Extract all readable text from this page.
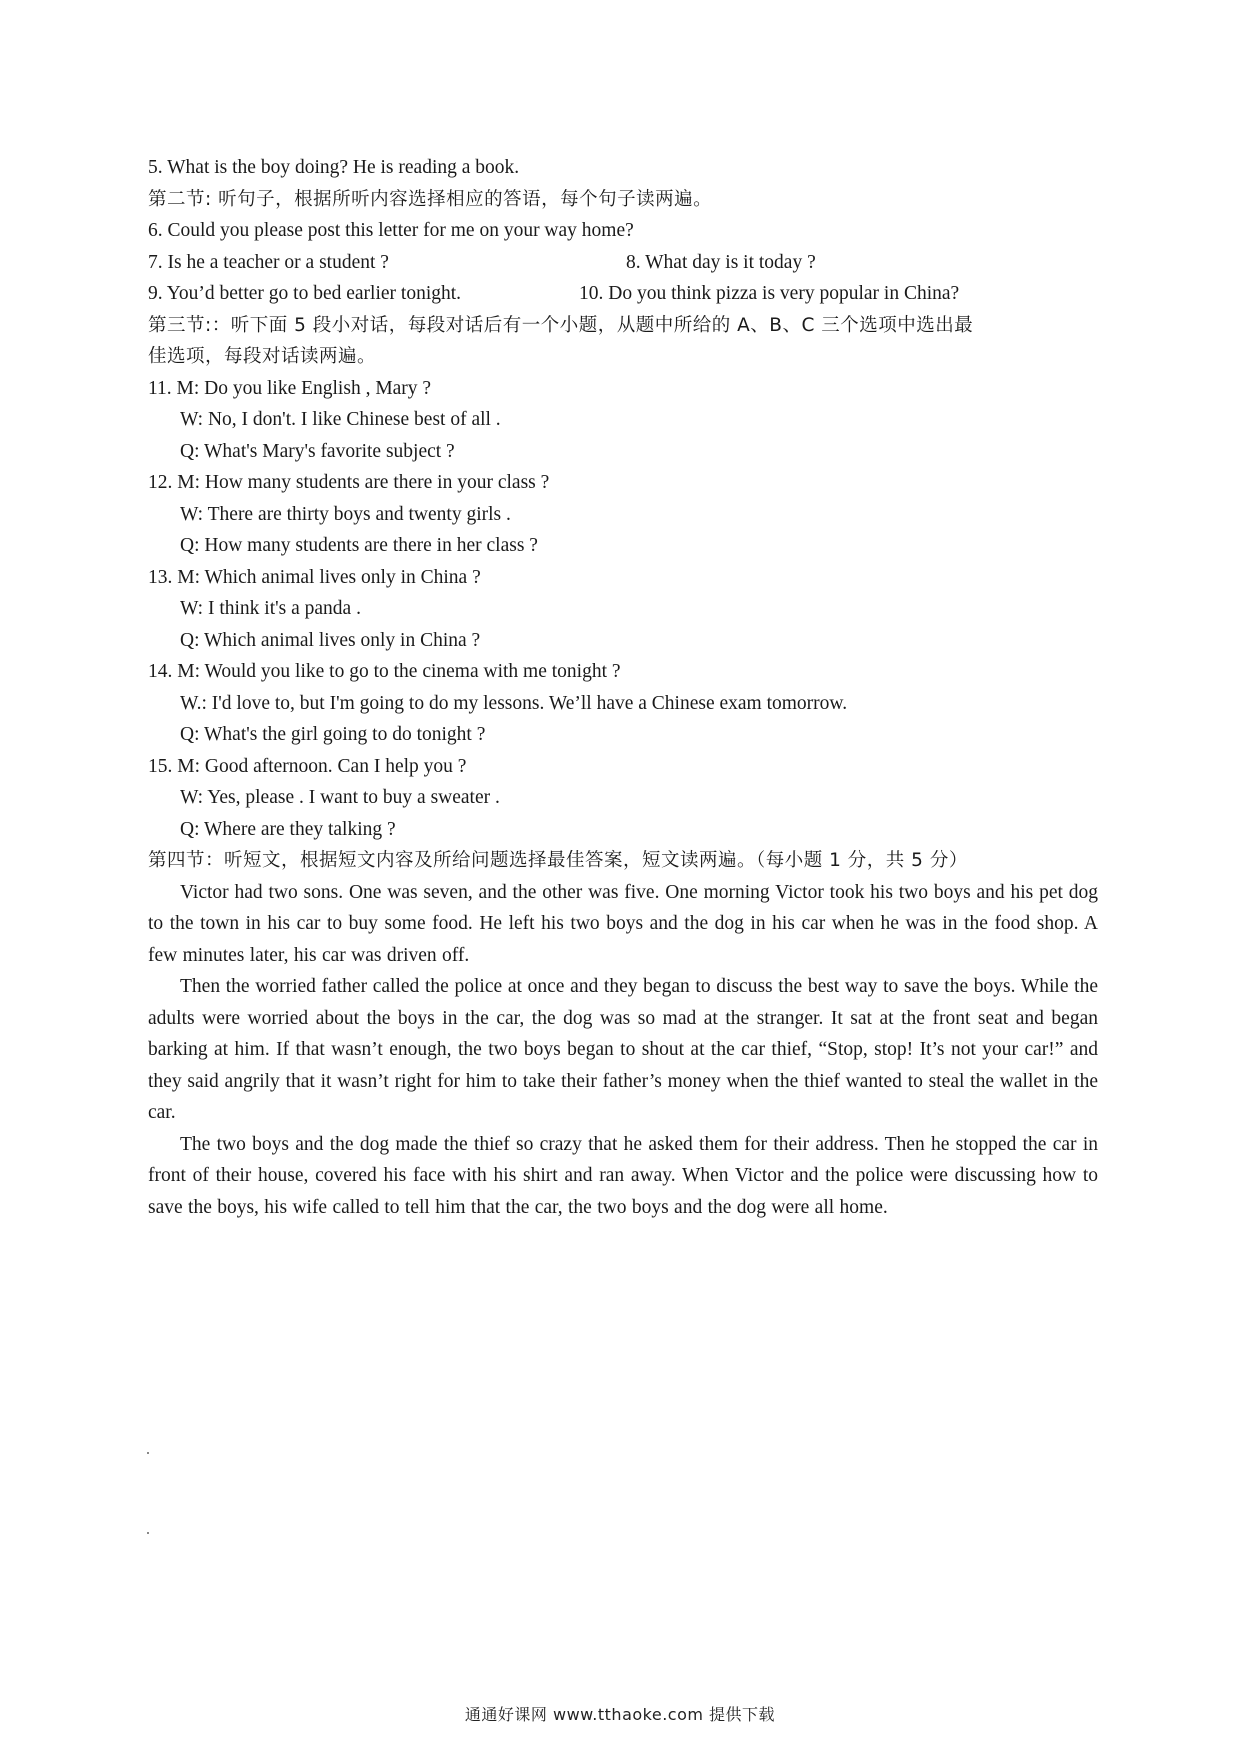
5. What is the boy doing? He is reading a book.
第二节: 听句子，根据所听内容选择相应的答语，每个句子读两遍。
6. Could you please post this letter for me on your way home?
7. Is he a teacher or a student ?	8. What day is it today ?
9. You’d better go to bed earlier tonight.	10. Do you think pizza is very popular in China?
第三节:：听下面 5 段小对话，每段对话后有一个小题，从题中所给的 A、B、C 三个选项中选出最
佳选项，每段对话读两遍。
11. M: Do you like English , Mary ?
W: No, I don't. I like Chinese best of all .
Q: What's Mary's favorite subject ?
12. M: How many students are there in your class ?
W: There are thirty boys and twenty girls .
Q: How many students are there in her class ?
13. M: Which animal lives only in China ?
W: I think it's a panda .
Q: Which animal lives only in China ?
14. M: Would you like to go to the cinema with me tonight ?
W.: I'd love to, but I'm going to do my lessons. We’ll have a Chinese exam tomorrow.
Q: What's the girl going to do tonight ?
15. M: Good afternoon. Can I help you ?
W: Yes, please . I want to buy a sweater .
Q: Where are they talking ?
第四节：听短文，根据短文内容及所给问题选择最佳答案，短文读两遍。（每小题 1 分，共 5 分）
Victor had two sons. One was seven, and the other was five. One morning Victor took his two boys and his pet dog to the town in his car to buy some food. He left his two boys and the dog in his car when he was in the food shop. A few minutes later, his car was driven off.
Then the worried father called the police at once and they began to discuss the best way to save the boys. While the adults were worried about the boys in the car, the dog was so mad at the stranger. It sat at the front seat and began barking at him. If that wasn’t enough, the two boys began to shout at the car thief, “Stop, stop! It’s not your car!” and they said angrily that it wasn’t right for him to take their father’s money when the thief wanted to steal the wallet in the car.
The two boys and the dog made the thief so crazy that he asked them for their address. Then he stopped the car in front of their house, covered his face with his shirt and ran away. When Victor and the police were discussing how to save the boys, his wife called to tell him that the car, the two boys and the dog were all home.
通通好课网 www.tthaoke.com 提供下载
